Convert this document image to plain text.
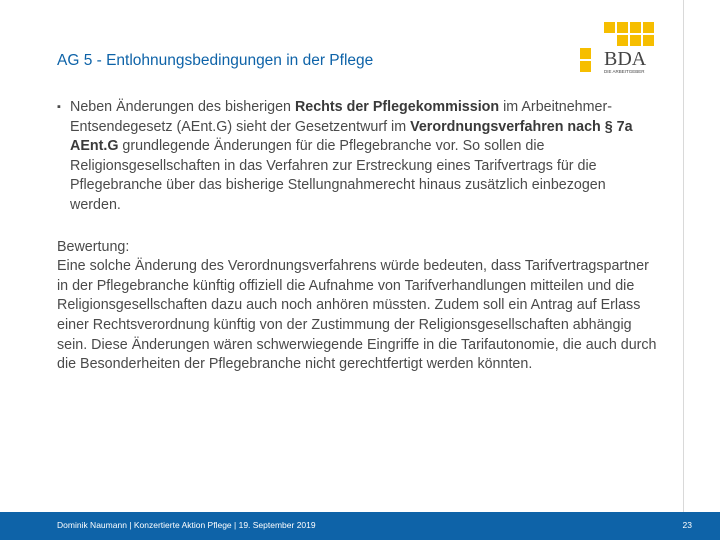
AG 5 - Entlohnungsbedingungen in der Pflege	BDA
DIE ARBEITGEBER
▪ Neben Änderungen des bisherigen Rechts der Pflegekommission im Arbeitnehmer-Entsendegesetz (AEnt.G) sieht der Gesetzentwurf im Verordnungsverfahren nach § 7a AEnt.G grundlegende Änderungen für die Pflegebranche vor. So sollen die Religionsgesellschaften in das Verfahren zur Erstreckung eines Tarifvertrags für die Pflegebranche über das bisherige Stellungnahmerecht hinaus zusätzlich einbezogen werden.
Bewertung:
Eine solche Änderung des Verordnungsverfahrens würde bedeuten, dass Tarifvertragspartner in der Pflegebranche künftig offiziell die Aufnahme von Tarifverhandlungen mitteilen und die Religionsgesellschaften dazu auch noch anhören müssten. Zudem soll ein Antrag auf Erlass einer Rechtsverordnung künftig von der Zustimmung der Religionsgesellschaften abhängig sein. Diese Änderungen wären schwerwiegende Eingriffe in die Tarifautonomie, die auch durch die Besonderheiten der Pflegebranche nicht gerechtfertigt werden könnten.
Dominik Naumann | Konzertierte Aktion Pflege | 19. September 2019	23
